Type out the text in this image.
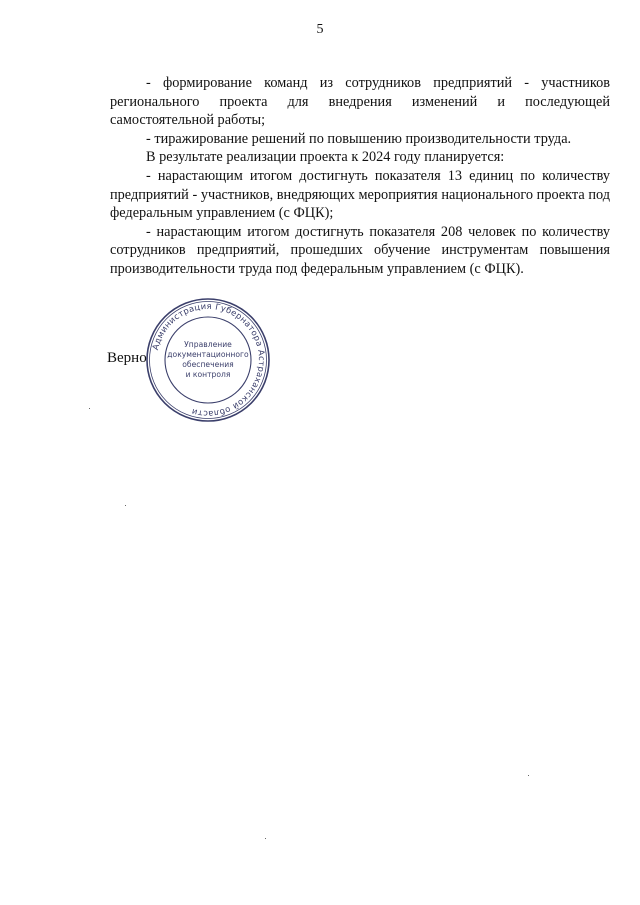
5

- формирование команд из сотрудников предприятий - участников регионального проекта для внедрения изменений и последующей самостоятельной работы;

- тиражирование решений по повышению производительности труда.

В результате реализации проекта к 2024 году планируется:

- нарастающим итогом достигнуть показателя 13 единиц по количеству предприятий - участников, внедряющих мероприятия национального проекта под федеральным управлением (с ФЦК);

- нарастающим итогом достигнуть показателя 208 человек по количеству сотрудников предприятий, прошедших обучение инструментам повышения производительности труда под федеральным управлением (с ФЦК).

Верно
Администрация Губернатора Астраханской области
Управление
документационного
обеспечения
и контроля
